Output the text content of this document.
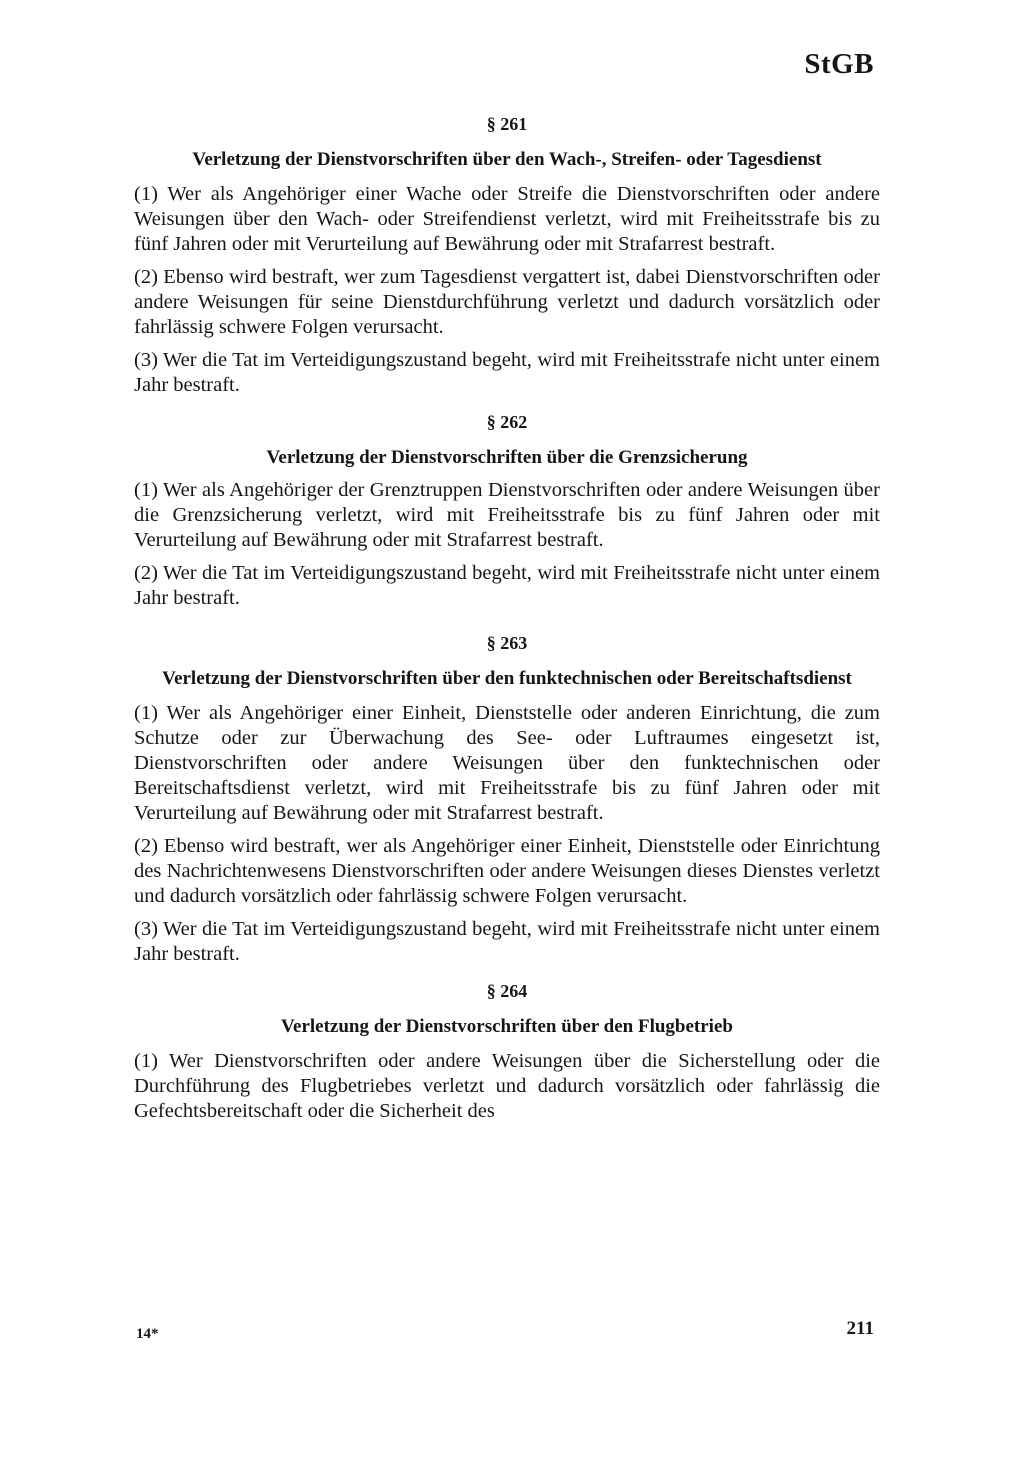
StGB
§ 261
Verletzung der Dienstvorschriften über den Wach-, Streifen- oder Tagesdienst

(1) Wer als Angehöriger einer Wache oder Streife die Dienstvorschriften oder andere Weisungen über den Wach- oder Streifendienst verletzt, wird mit Freiheitsstrafe bis zu fünf Jahren oder mit Verurteilung auf Bewährung oder mit Strafarrest bestraft.

(2) Ebenso wird bestraft, wer zum Tagesdienst vergattert ist, dabei Dienstvorschriften oder andere Weisungen für seine Dienstdurchführung verletzt und dadurch vorsätzlich oder fahrlässig schwere Folgen verursacht.

(3) Wer die Tat im Verteidigungszustand begeht, wird mit Freiheitsstrafe nicht unter einem Jahr bestraft.

§ 262
Verletzung der Dienstvorschriften über die Grenzsicherung

(1) Wer als Angehöriger der Grenztruppen Dienstvorschriften oder andere Weisungen über die Grenzsicherung verletzt, wird mit Freiheitsstrafe bis zu fünf Jahren oder mit Verurteilung auf Bewährung oder mit Strafarrest bestraft.

(2) Wer die Tat im Verteidigungszustand begeht, wird mit Freiheitsstrafe nicht unter einem Jahr bestraft.

§ 263
Verletzung der Dienstvorschriften über den funktechnischen oder Bereitschaftsdienst

(1) Wer als Angehöriger einer Einheit, Dienststelle oder anderen Einrichtung, die zum Schutze oder zur Überwachung des See- oder Luftraumes eingesetzt ist, Dienstvorschriften oder andere Weisungen über den funktechnischen oder Bereitschaftsdienst verletzt, wird mit Freiheitsstrafe bis zu fünf Jahren oder mit Verurteilung auf Bewährung oder mit Strafarrest bestraft.

(2) Ebenso wird bestraft, wer als Angehöriger einer Einheit, Dienststelle oder Einrichtung des Nachrichtenwesens Dienstvorschriften oder andere Weisungen dieses Dienstes verletzt und dadurch vorsätzlich oder fahrlässig schwere Folgen verursacht.

(3) Wer die Tat im Verteidigungszustand begeht, wird mit Freiheitsstrafe nicht unter einem Jahr bestraft.

§ 264
Verletzung der Dienstvorschriften über den Flugbetrieb

(1) Wer Dienstvorschriften oder andere Weisungen über die Sicherstellung oder die Durchführung des Flugbetriebes verletzt und dadurch vorsätzlich oder fahrlässig die Gefechtsbereitschaft oder die Sicherheit des

14*	211
